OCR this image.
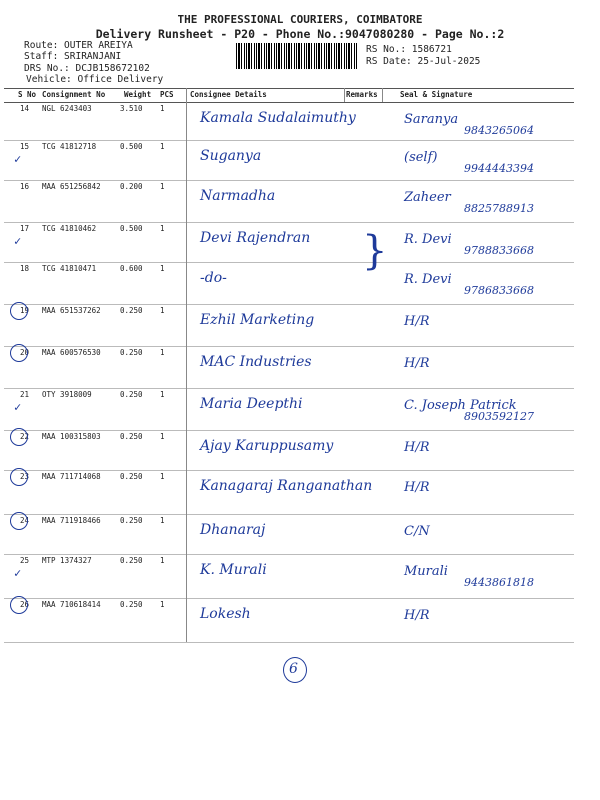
THE PROFESSIONAL COURIERS, COIMBATORE
Delivery Runsheet - P20 - Phone No.:9047080280 - Page No.:2
Route: OUTER AREIYA
Staff: SRIRANJANI
DRS No.: DCJB158672102
Vehicle: Office Delivery
RS No.: 1586721
RS Date: 25-Jul-2025
S No Consignment No	Weight PCS Consignee Details	Remarks	Seal & Signature
14 NGL 6243403	3.510 1
Kamala Sudalaimuthy	Saranya
9843265064
15 TCG 41812718	0.500 1
Suganya	(self)
9944443394
✓
16 MAA 651256842	0.200 1
Narmadha	Zaheer
8825788913
17 TCG 41810462	0.500 1
Devi Rajendran	R. Devi
9788833668
✓
18 TCG 41810471	0.600 1
-do-	R. Devi
9786833668
19 MAA 651537262	0.250 1
Ezhil Marketing	H/R
20 MAA 600576530	0.250 1
MAC Industries	H/R
21 OTY 3918009	0.250 1
Maria Deepthi	C. Joseph Patrick
8903592127
✓
22 MAA 100315803	0.250 1
Ajay Karuppusamy	H/R
23 MAA 711714068	0.250 1
Kanagaraj Ranganathan H/R
24 MAA 711918466	0.250 1
Dhanaraj	C/N
25 MTP 1374327	0.250 1
K. Murali	Murali
9443861818
✓
26 MAA 710618414	0.250 1
Lokesh	H/R
}
6
